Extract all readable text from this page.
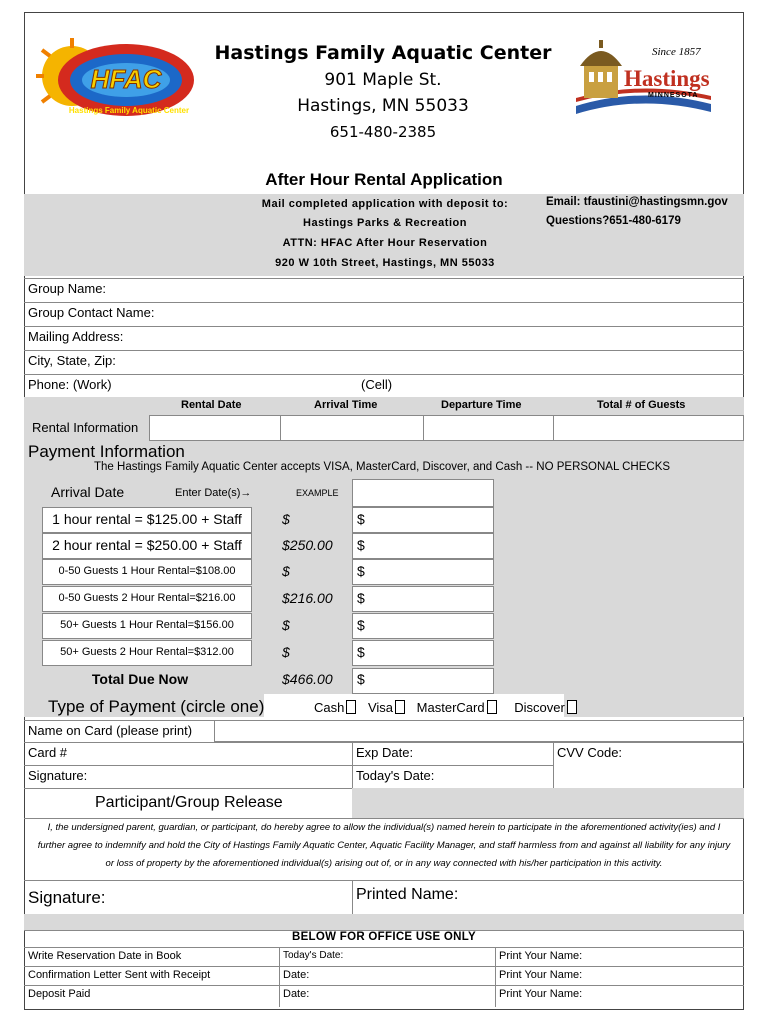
HFAC
Hastings Family Aquatic Center
Since 1857
Hastings
MINNESOTA
Hastings Family Aquatic Center
901 Maple St.
Hastings, MN 55033
651-480-2385
After Hour Rental Application
Mail completed application with deposit to:
Hastings Parks & Recreation
ATTN: HFAC After Hour Reservation
920 W 10th Street, Hastings, MN 55033
Email: tfaustini@hastingsmn.gov
Questions?651-480-6179
Group Name:
Group Contact Name:
Mailing Address:
City, State, Zip:
Phone: (Work)	(Cell)
Rental Date	Arrival Time	Departure Time	Total # of Guests
Rental Information
Payment Information
The Hastings Family Aquatic Center accepts VISA, MasterCard, Discover, and Cash -- NO PERSONAL CHECKS
Arrival Date	Enter Date(s)→	EXAMPLE
1 hour rental = $125.00 + Staff	$	$
2 hour rental = $250.00 + Staff	$250.00 $
0-50 Guests 1 Hour Rental=$108.00	$	$
0-50 Guests 2 Hour Rental=$216.00	$216.00 $
50+ Guests 1 Hour Rental=$156.00	$	$
50+ Guests 2 Hour Rental=$312.00	$	$
Total Due Now	$466.00 $
Type of Payment (circle one)	Cash Visa MasterCard Discover
Name on Card (please print)
Card #	Exp Date:	CVV Code:
Signature:	Today's Date:
Participant/Group Release
I, the undersigned parent, guardian, or participant, do hereby agree to allow the individual(s) named herein to participate in the aforementioned activity(ies) and I
further agree to indemnify and hold the City of Hastings Family Aquatic Center, Aquatic Facility Manager, and staff harmless from and against all liability for any injury
or loss of property by the aforementioned individual(s) arising out of, or in any way connected with his/her participation in this activity.
Signature:	Printed Name:
BELOW FOR OFFICE USE ONLY
Write Reservation Date in Book	Today's Date:	Print Your Name:
Confirmation Letter Sent with Receipt	Date:	Print Your Name:
Deposit Paid	Date:	Print Your Name:
